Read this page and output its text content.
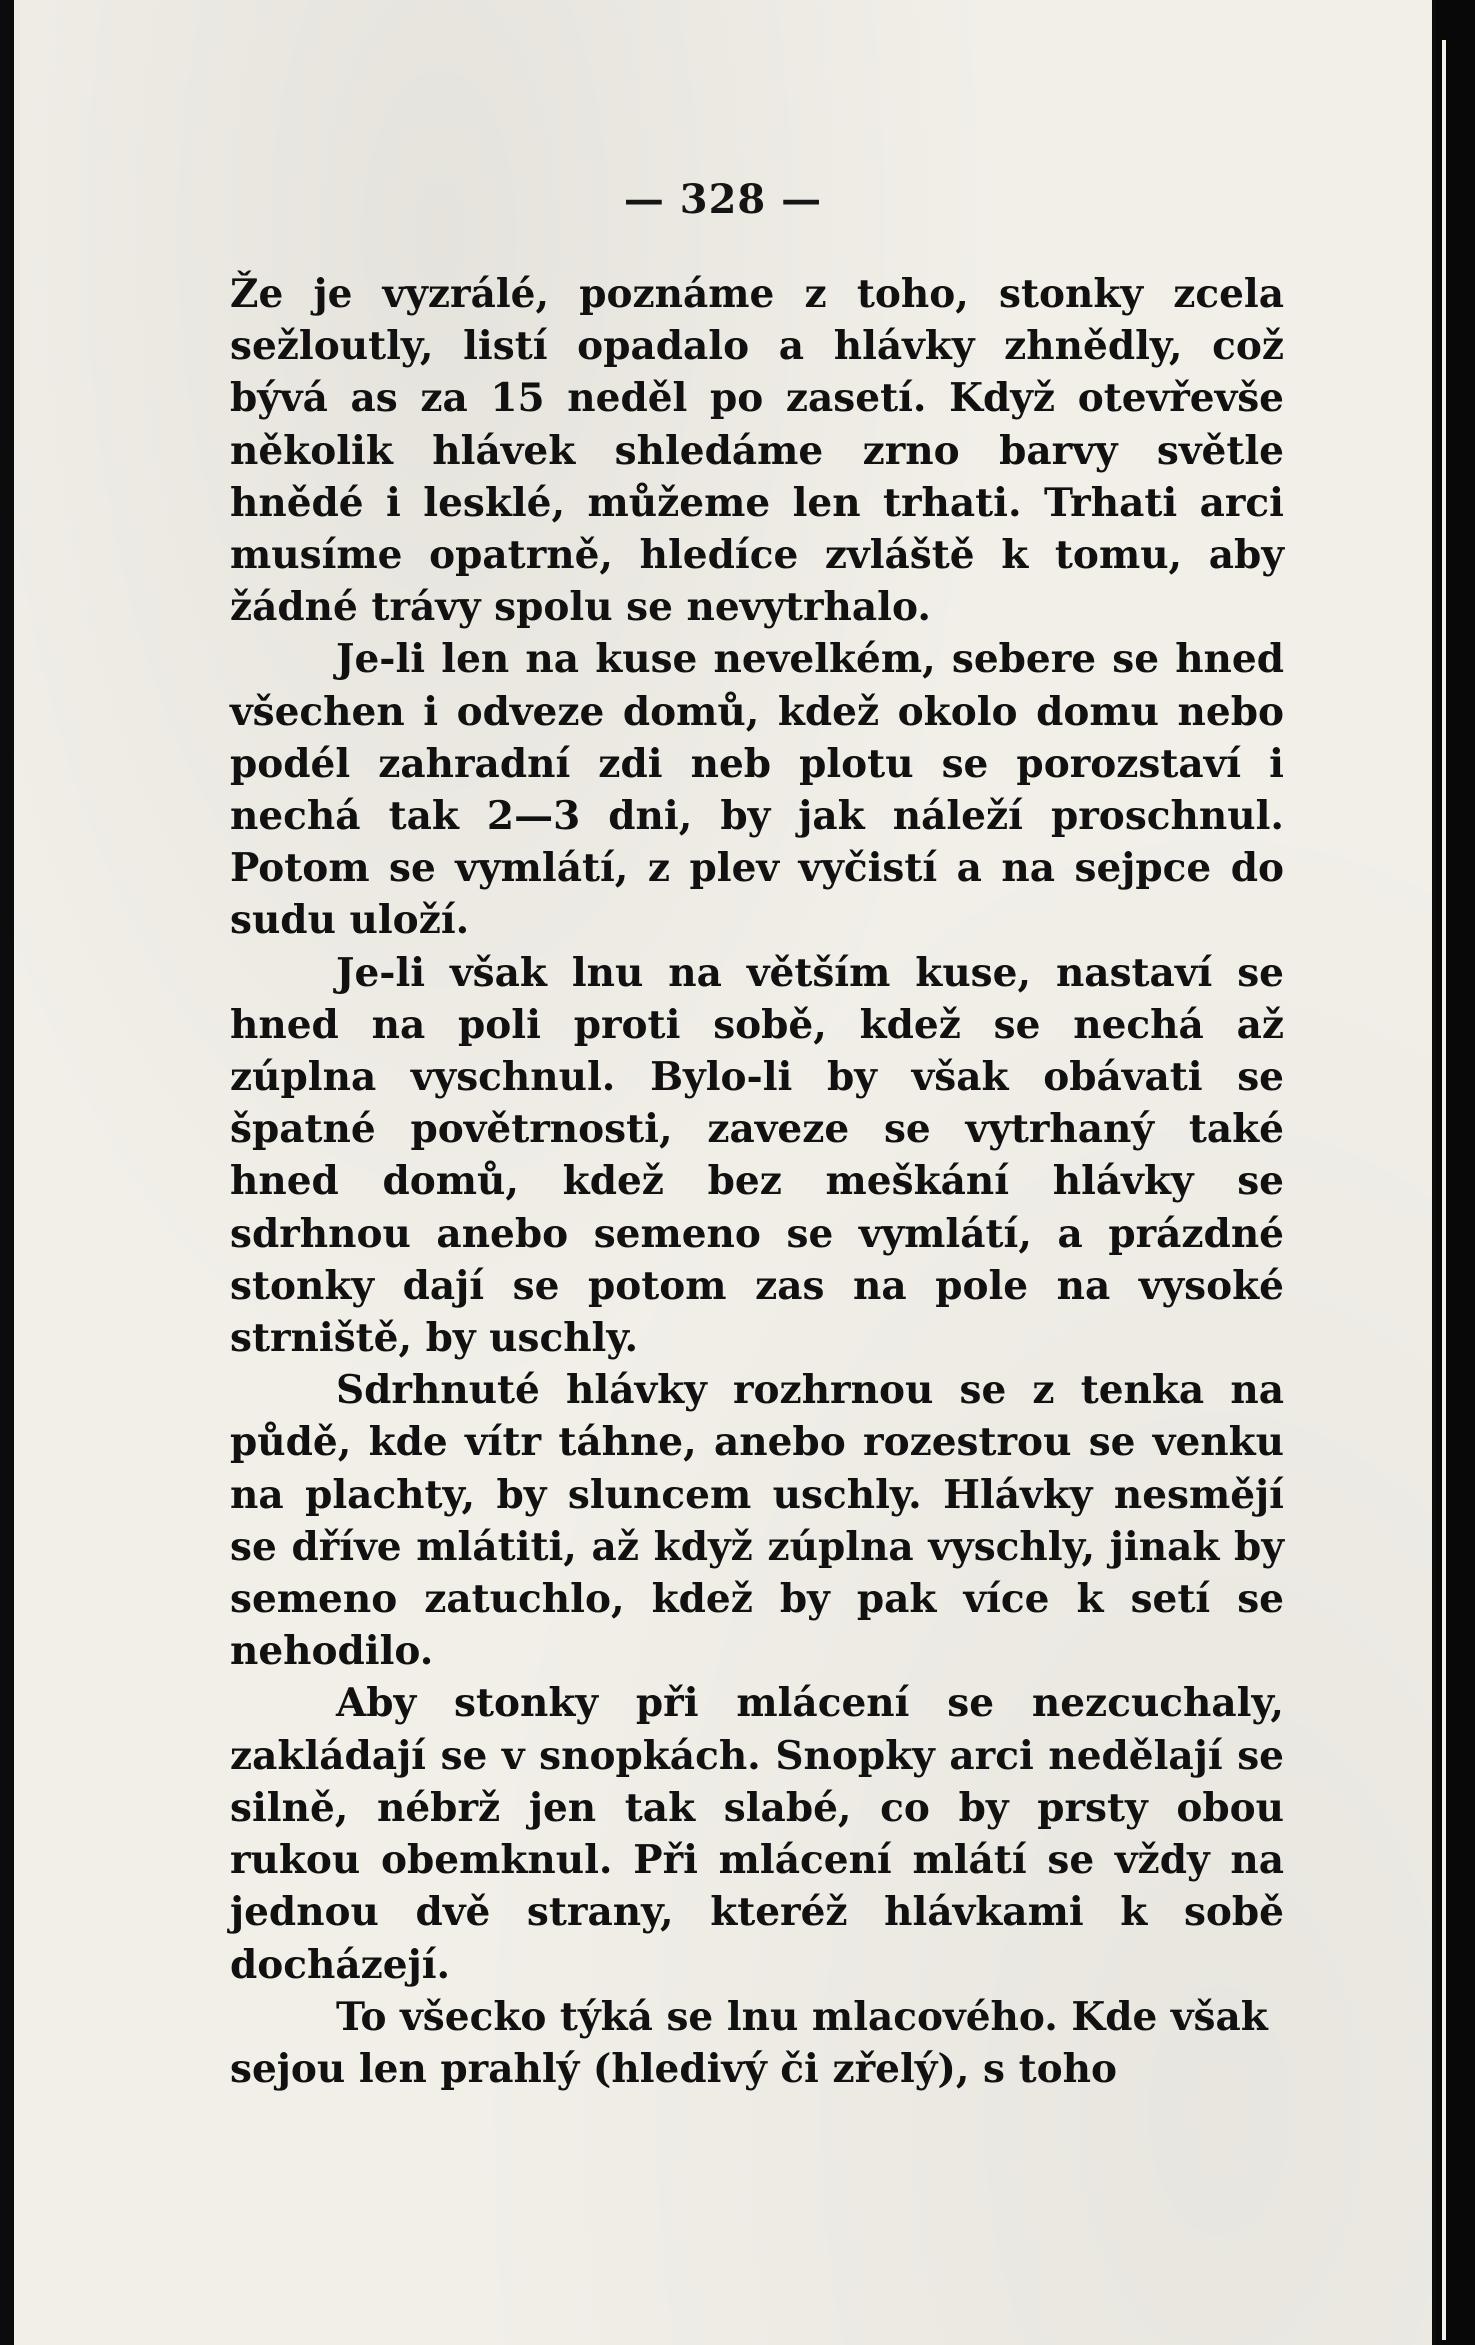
— 328 —

Že je vyzrálé, poznáme z toho, stonky zcela sežloutly, listí opadalo a hlávky zhnědly, což bývá as za 15 neděl po zasetí. Když otevřevše několik hlávek shledáme zrno barvy světle hnědé i lesklé, můžeme len trhati. Trhati arci musíme opatrně, hledíce zvláště k tomu, aby žádné trávy spolu se nevytrhalo.

Je-li len na kuse nevelkém, sebere se hned všechen i odveze domů, kdež okolo domu nebo podél zahradní zdi neb plotu se porozstaví i nechá tak 2—3 dni, by jak náleží proschnul. Potom se vymlátí, z plev vyčistí a na sejpce do sudu uloží.

Je-li však lnu na větším kuse, nastaví se hned na poli proti sobě, kdež se nechá až zúplna vyschnul. Bylo-li by však obávati se špatné povětrnosti, zaveze se vytrhaný také hned domů, kdež bez meškání hlávky se sdrhnou anebo semeno se vymlátí, a prázdné stonky dají se potom zas na pole na vysoké strniště, by uschly.

Sdrhnuté hlávky rozhrnou se z tenka na půdě, kde vítr táhne, anebo rozestrou se venku na plachty, by sluncem uschly. Hlávky nesmějí se dříve mlátiti, až když zúplna vyschly, jinak by semeno zatuchlo, kdež by pak více k setí se nehodilo.

Aby stonky při mlácení se nezcuchaly, zakládají se v snopkách. Snopky arci nedělají se silně, nébrž jen tak slabé, co by prsty obou rukou obemknul. Při mlácení mlátí se vždy na jednou dvě strany, kteréž hlávkami k sobě docházejí.

To všecko týká se lnu mlacového. Kde však sejou len prahlý (hledivý či zřelý), s toho
